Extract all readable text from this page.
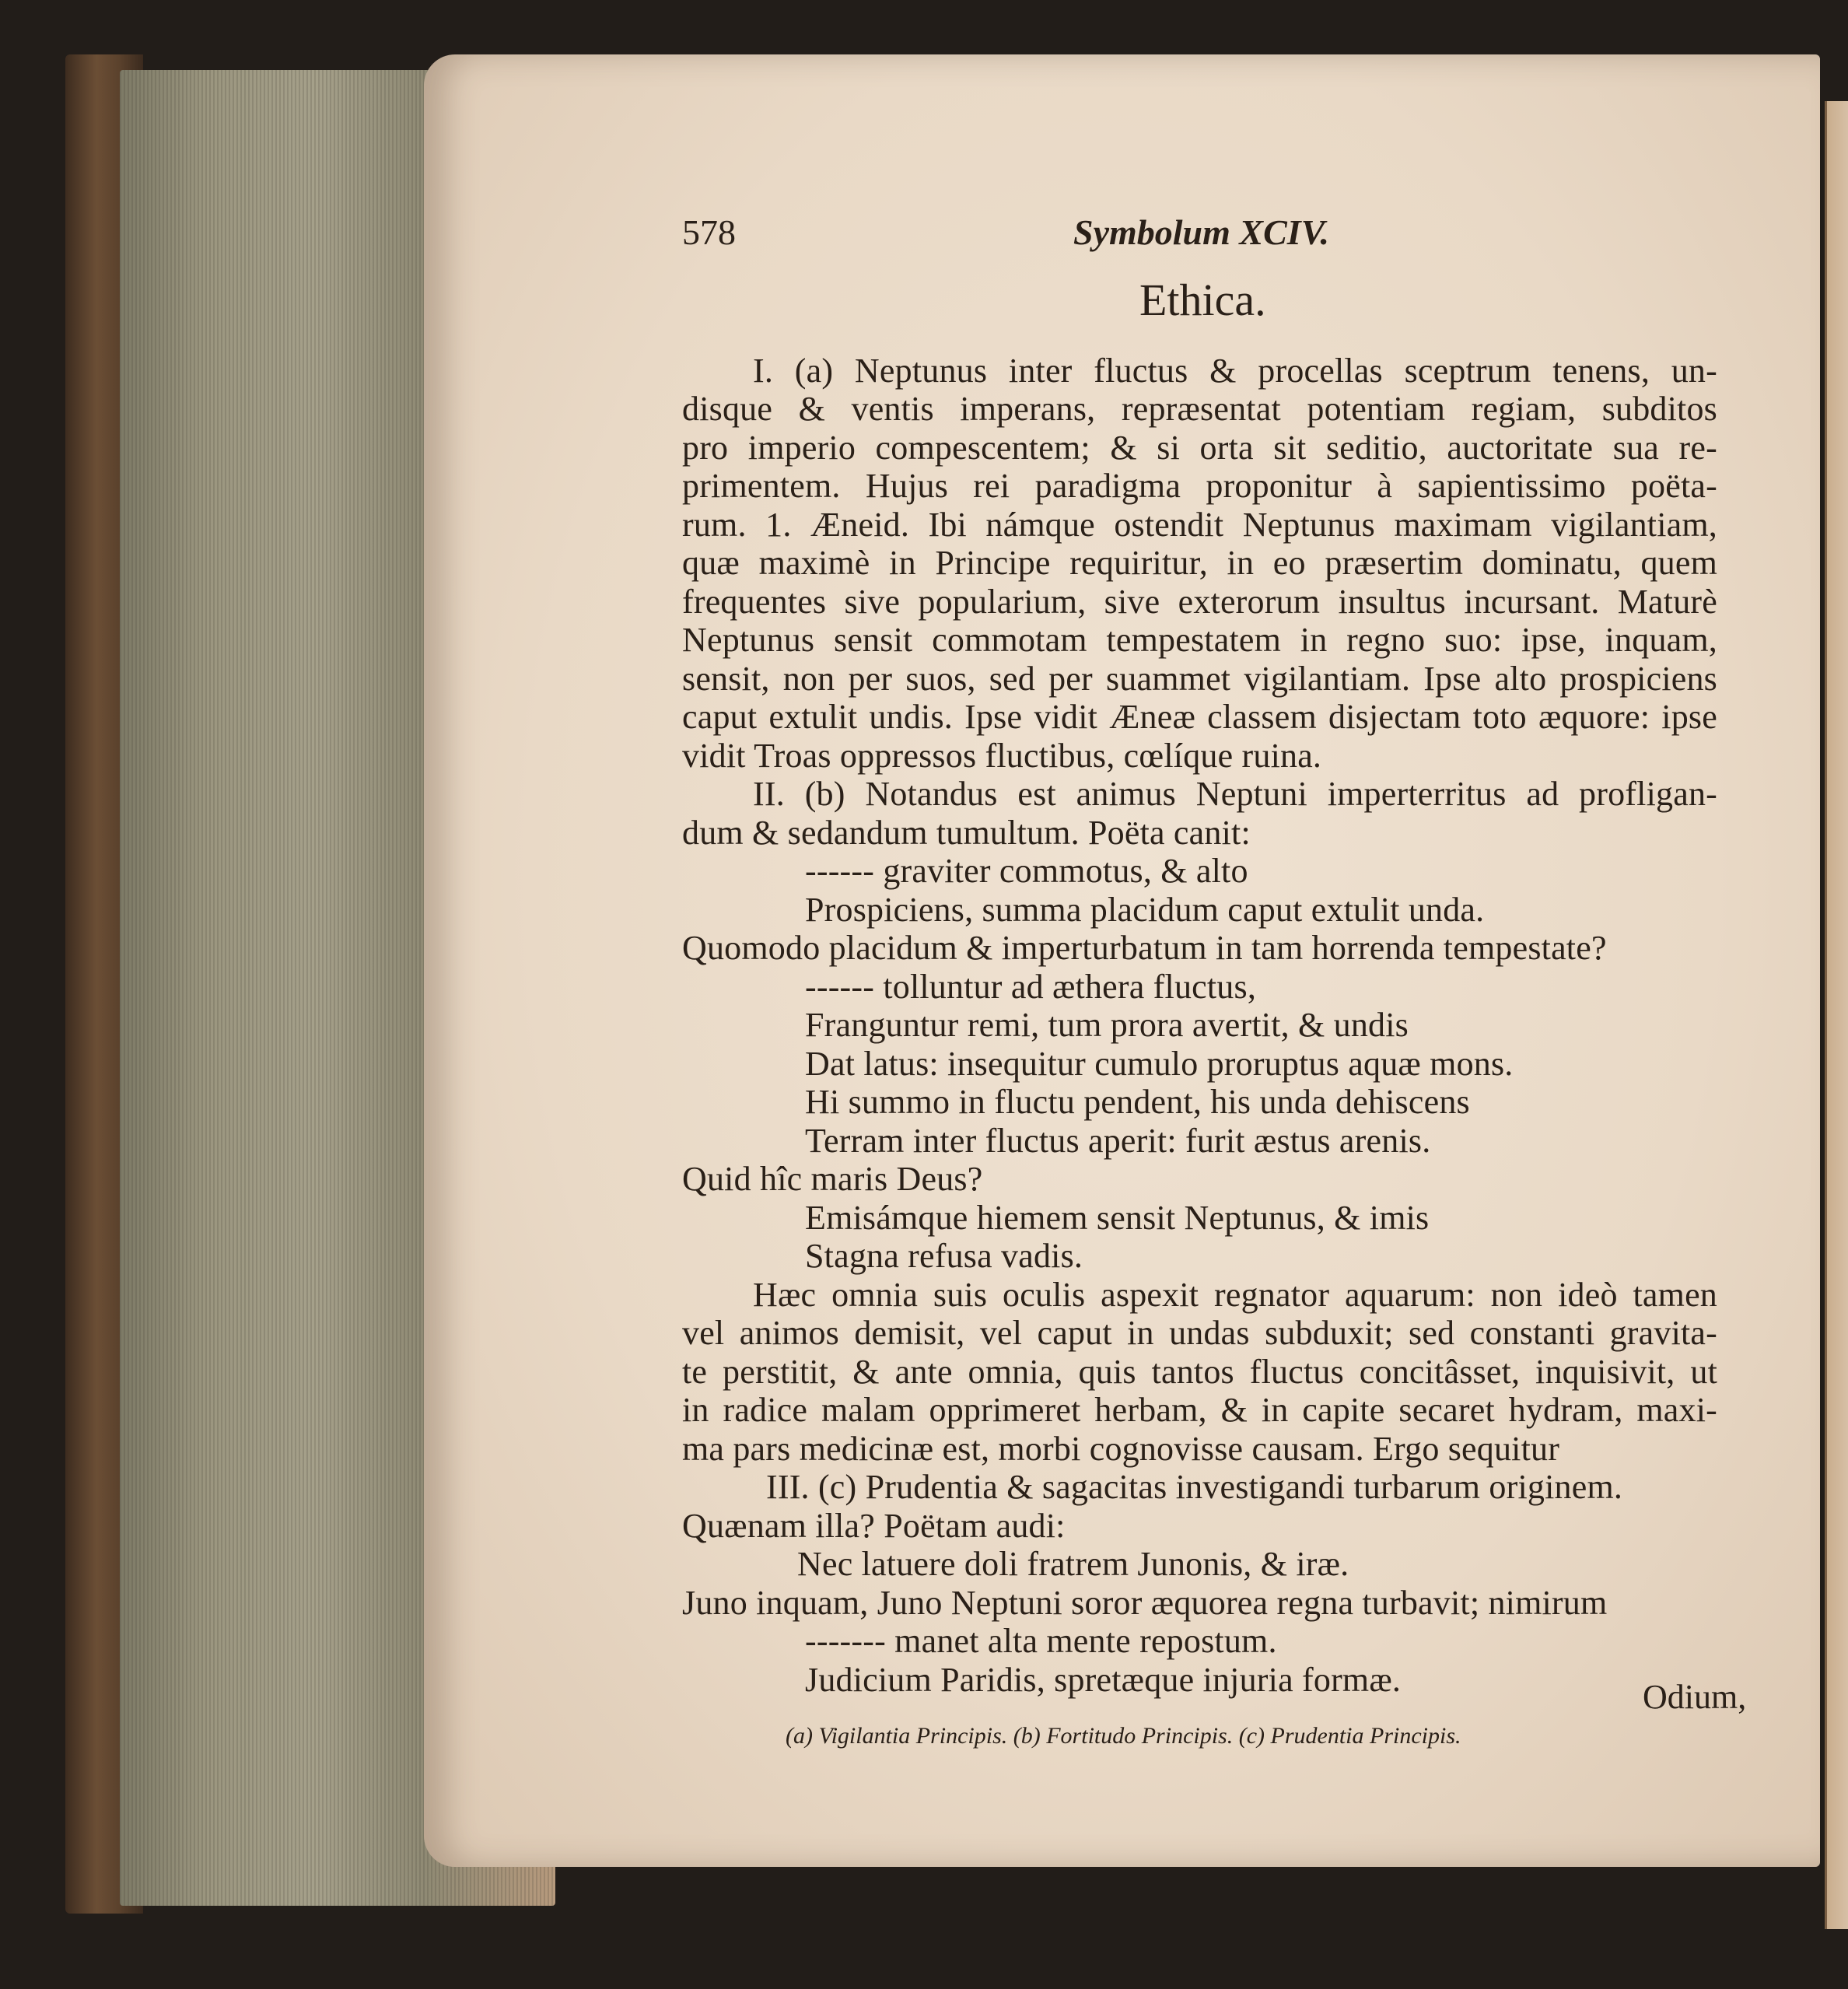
578	Symbolum XCIV.
Ethica.
I. (a) Neptunus inter fluctus & procellas sceptrum tenens, un-
disque & ventis imperans, repræsentat potentiam regiam, subditos
pro imperio compescentem; & si orta sit seditio, auctoritate sua re-
primentem. Hujus rei paradigma proponitur à sapientissimo poëta-
rum. 1. Æneid. Ibi námque ostendit Neptunus maximam vigilantiam,
quæ maximè in Principe requiritur, in eo præsertim dominatu, quem
frequentes sive popularium, sive exterorum insultus incursant. Maturè
Neptunus sensit commotam tempestatem in regno suo: ipse, inquam,
sensit, non per suos, sed per suammet vigilantiam. Ipse alto prospiciens
caput extulit undis. Ipse vidit Æneæ classem disjectam toto æquore: ipse
vidit Troas oppressos fluctibus, cœlíque ruina.
II. (b) Notandus est animus Neptuni imperterritus ad profligan-
dum & sedandum tumultum. Poëta canit:
------ graviter commotus, & alto
Prospiciens, summa placidum caput extulit unda.
Quomodo placidum & imperturbatum in tam horrenda tempestate?
------ tolluntur ad æthera fluctus,
Franguntur remi, tum prora avertit, & undis
Dat latus: insequitur cumulo proruptus aquæ mons.
Hi summo in fluctu pendent, his unda dehiscens
Terram inter fluctus aperit: furit æstus arenis.
Quid hîc maris Deus?
Emisámque hiemem sensit Neptunus, & imis
Stagna refusa vadis.
Hæc omnia suis oculis aspexit regnator aquarum: non ideò tamen
vel animos demisit, vel caput in undas subduxit; sed constanti gravita-
te perstitit, & ante omnia, quis tantos fluctus concitâsset, inquisivit, ut
in radice malam opprimeret herbam, & in capite secaret hydram, maxi-
ma pars medicinæ est, morbi cognovisse causam. Ergo sequitur
III. (c) Prudentia & sagacitas investigandi turbarum originem.
Quænam illa? Poëtam audi:
Nec latuere doli fratrem Junonis, & iræ.
Juno inquam, Juno Neptuni soror æquorea regna turbavit; nimirum
------- manet alta mente repostum.
Judicium Paridis, spretæque injuria formæ.	Odium,
(a) Vigilantia Principis. (b) Fortitudo Principis. (c) Prudentia Principis.
